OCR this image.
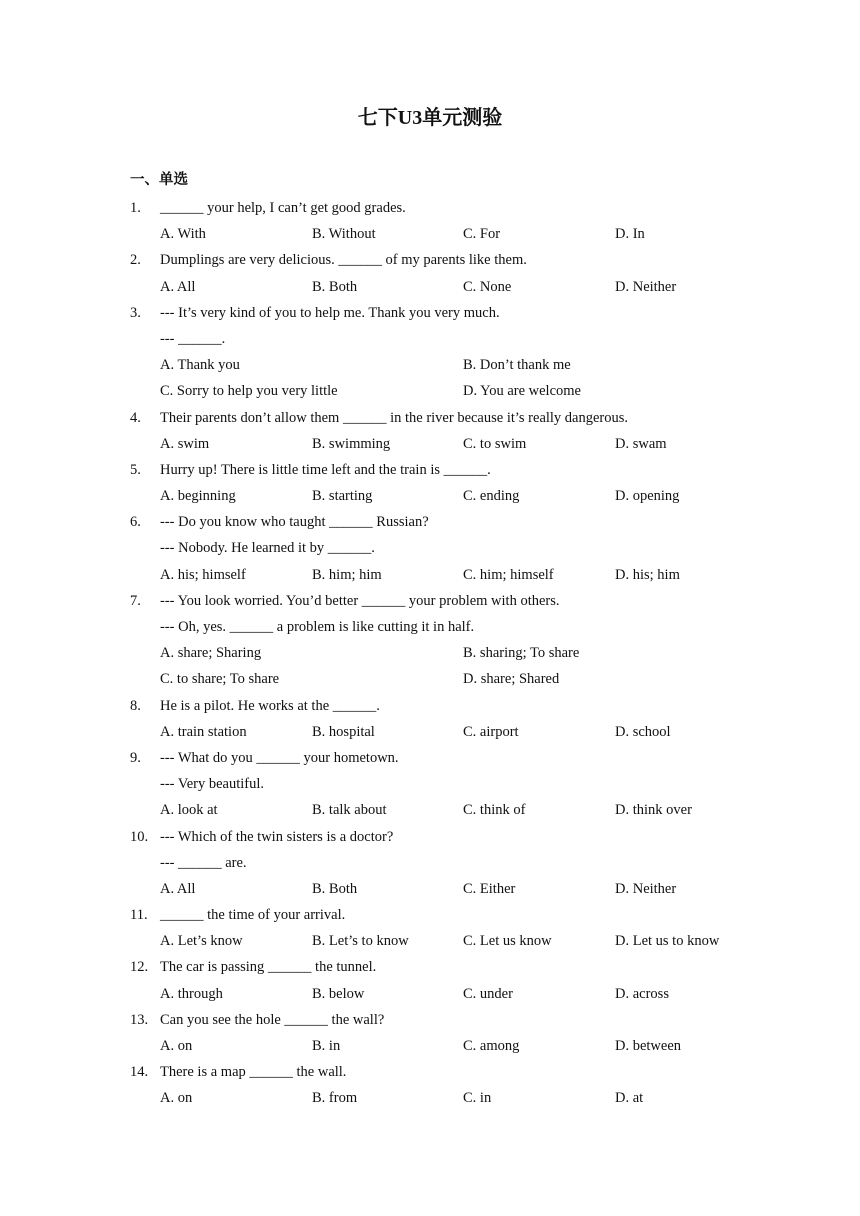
七下U3单元测验
一、单选
1. ______ your help, I can’t get good grades.
A. With	B. Without	C. For	D. In
2. Dumplings are very delicious. ______ of my parents like them.
A. All	B. Both	C. None	D. Neither
3. --- It’s very kind of you to help me. Thank you very much.
--- ______.
A. Thank you	B. Don’t thank me
C. Sorry to help you very little	D. You are welcome
4. Their parents don’t allow them ______ in the river because it’s really dangerous.
A. swim	B. swimming	C. to swim	D. swam
5. Hurry up! There is little time left and the train is ______.
A. beginning	B. starting	C. ending	D. opening
6. --- Do you know who taught ______ Russian?
--- Nobody. He learned it by ______.
A. his; himself	B. him; him	C. him; himself	D. his; him
7. --- You look worried. You’d better ______ your problem with others.
--- Oh, yes. ______ a problem is like cutting it in half.
A. share; Sharing	B. sharing; To share
C. to share; To share	D. share; Shared
8. He is a pilot. He works at the ______.
A. train station	B. hospital	C. airport	D. school
9. --- What do you ______ your hometown.
--- Very beautiful.
A. look at	B. talk about	C. think of	D. think over
10. --- Which of the twin sisters is a doctor?
--- ______ are.
A. All	B. Both	C. Either	D. Neither
11. ______ the time of your arrival.
A. Let’s know	B. Let’s to know	C. Let us know	D. Let us to know
12. The car is passing ______ the tunnel.
A. through	B. below	C. under	D. across
13. Can you see the hole ______ the wall?
A. on	B. in	C. among	D. between
14. There is a map ______ the wall.
A. on	B. from	C. in	D. at
